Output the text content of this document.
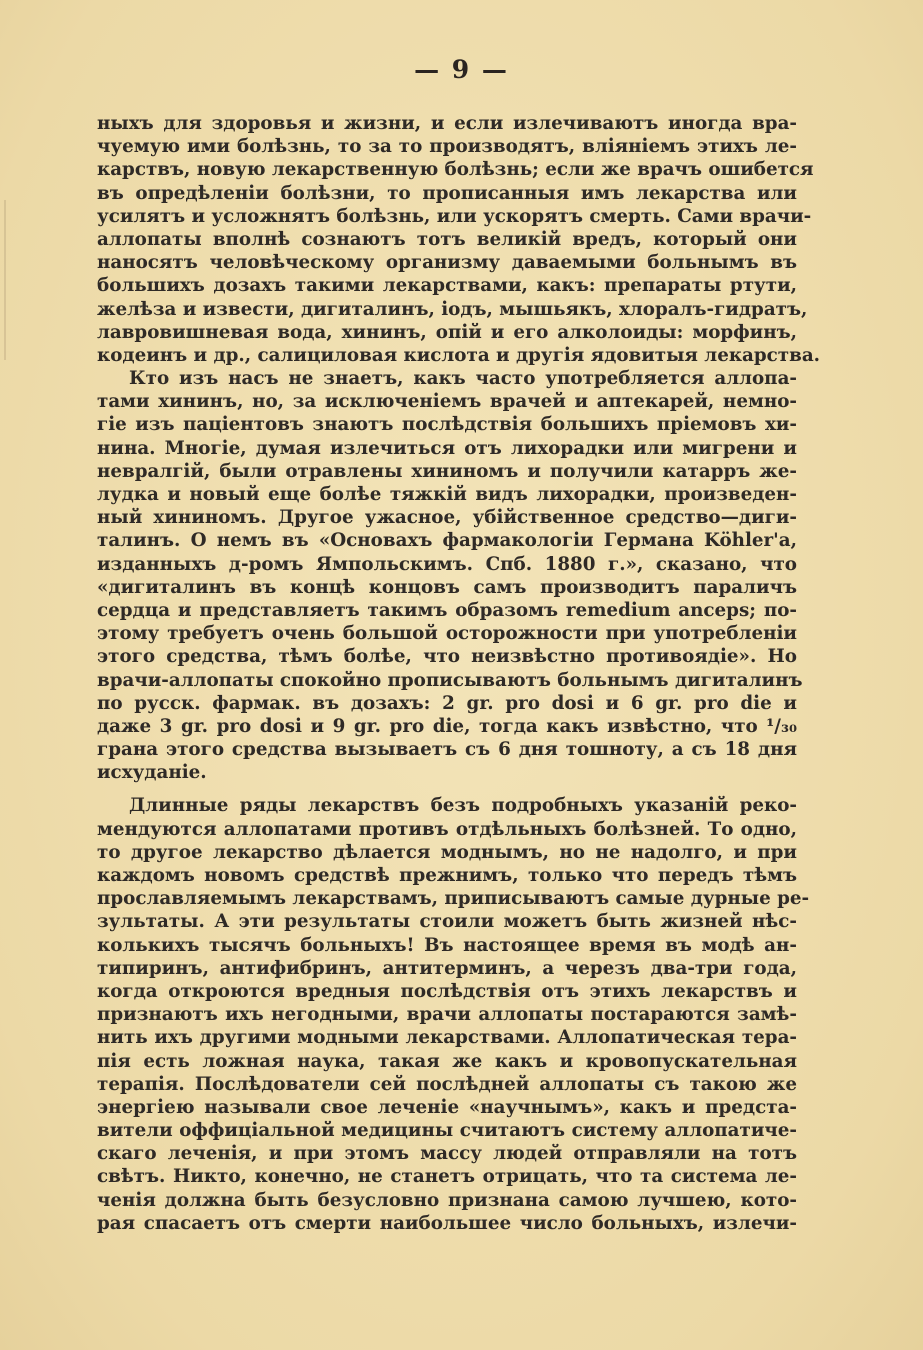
— 9 —
ныхъ для здоровья и жизни, и если излечиваютъ иногда вра-
чуемую ими болѣзнь, то за то производятъ, вліяніемъ этихъ ле-
карствъ, новую лекарственную болѣзнь; если же врачъ ошибется
въ опредѣленіи болѣзни, то прописанныя имъ лекарства или
усилятъ и усложнятъ болѣзнь, или ускорятъ смерть. Сами врачи-
аллопаты вполнѣ сознаютъ тотъ великій вредъ, который они
наносятъ человѣческому организму даваемыми больнымъ въ
большихъ дозахъ такими лекарствами, какъ: препараты ртути,
желѣза и извести, дигиталинъ, іодъ, мышьякъ, хлоралъ-гидратъ,
лавровишневая вода, хининъ, опій и его алколоиды: морфинъ,
кодеинъ и др., салициловая кислота и другія ядовитыя лекарства.
Кто изъ насъ не знаетъ, какъ часто употребляется аллопа-
тами хининъ, но, за исключеніемъ врачей и аптекарей, немно-
гіе изъ паціентовъ знаютъ послѣдствія большихъ пріемовъ хи-
нина. Многіе, думая излечиться отъ лихорадки или мигрени и
невралгій, были отравлены хининомъ и получили катарръ же-
лудка и новый еще болѣе тяжкій видъ лихорадки, произведен-
ный хининомъ. Другое ужасное, убійственное средство—диги-
талинъ. О немъ въ «Основахъ фармакологіи Германа Köhler'а,
изданныхъ д-ромъ Ямпольскимъ. Спб. 1880 г.», сказано, что
«дигиталинъ въ концѣ концовъ самъ производитъ параличъ
сердца и представляетъ такимъ образомъ remedium anceps; по-
этому требуетъ очень большой осторожности при употребленіи
этого средства, тѣмъ болѣе, что неизвѣстно противоядіе». Но
врачи-аллопаты спокойно прописываютъ больнымъ дигиталинъ
по русск. фармак. въ дозахъ: 2 gr. pro dosi и 6 gr. pro die и
даже 3 gr. pro dosi и 9 gr. pro die, тогда какъ извѣстно, что ¹/₃₀
грана этого средства вызываетъ съ 6 дня тошноту, а съ 18 дня
исхуданіе.
Длинные ряды лекарствъ безъ подробныхъ указаній реко-
мендуются аллопатами противъ отдѣльныхъ болѣзней. То одно,
то другое лекарство дѣлается моднымъ, но не надолго, и при
каждомъ новомъ средствѣ прежнимъ, только что передъ тѣмъ
прославляемымъ лекарствамъ, приписываютъ самые дурные ре-
зультаты. А эти результаты стоили можетъ быть жизней нѣс-
колькихъ тысячъ больныхъ! Въ настоящее время въ модѣ ан-
типиринъ, антифибринъ, антитерминъ, а черезъ два-три года,
когда откроются вредныя послѣдствія отъ этихъ лекарствъ и
признаютъ ихъ негодными, врачи аллопаты постараются замѣ-
нить ихъ другими модными лекарствами. Аллопатическая тера-
пія есть ложная наука, такая же какъ и кровопускательная
терапія. Послѣдователи сей послѣдней аллопаты съ такою же
энергіею называли свое леченіе «научнымъ», какъ и предста-
вители оффиціальной медицины считаютъ систему аллопатиче-
скаго леченія, и при этомъ массу людей отправляли на тотъ
свѣтъ. Никто, конечно, не станетъ отрицать, что та система ле-
ченія должна быть безусловно признана самою лучшею, кото-
рая спасаетъ отъ смерти наибольшее число больныхъ, излечи-
